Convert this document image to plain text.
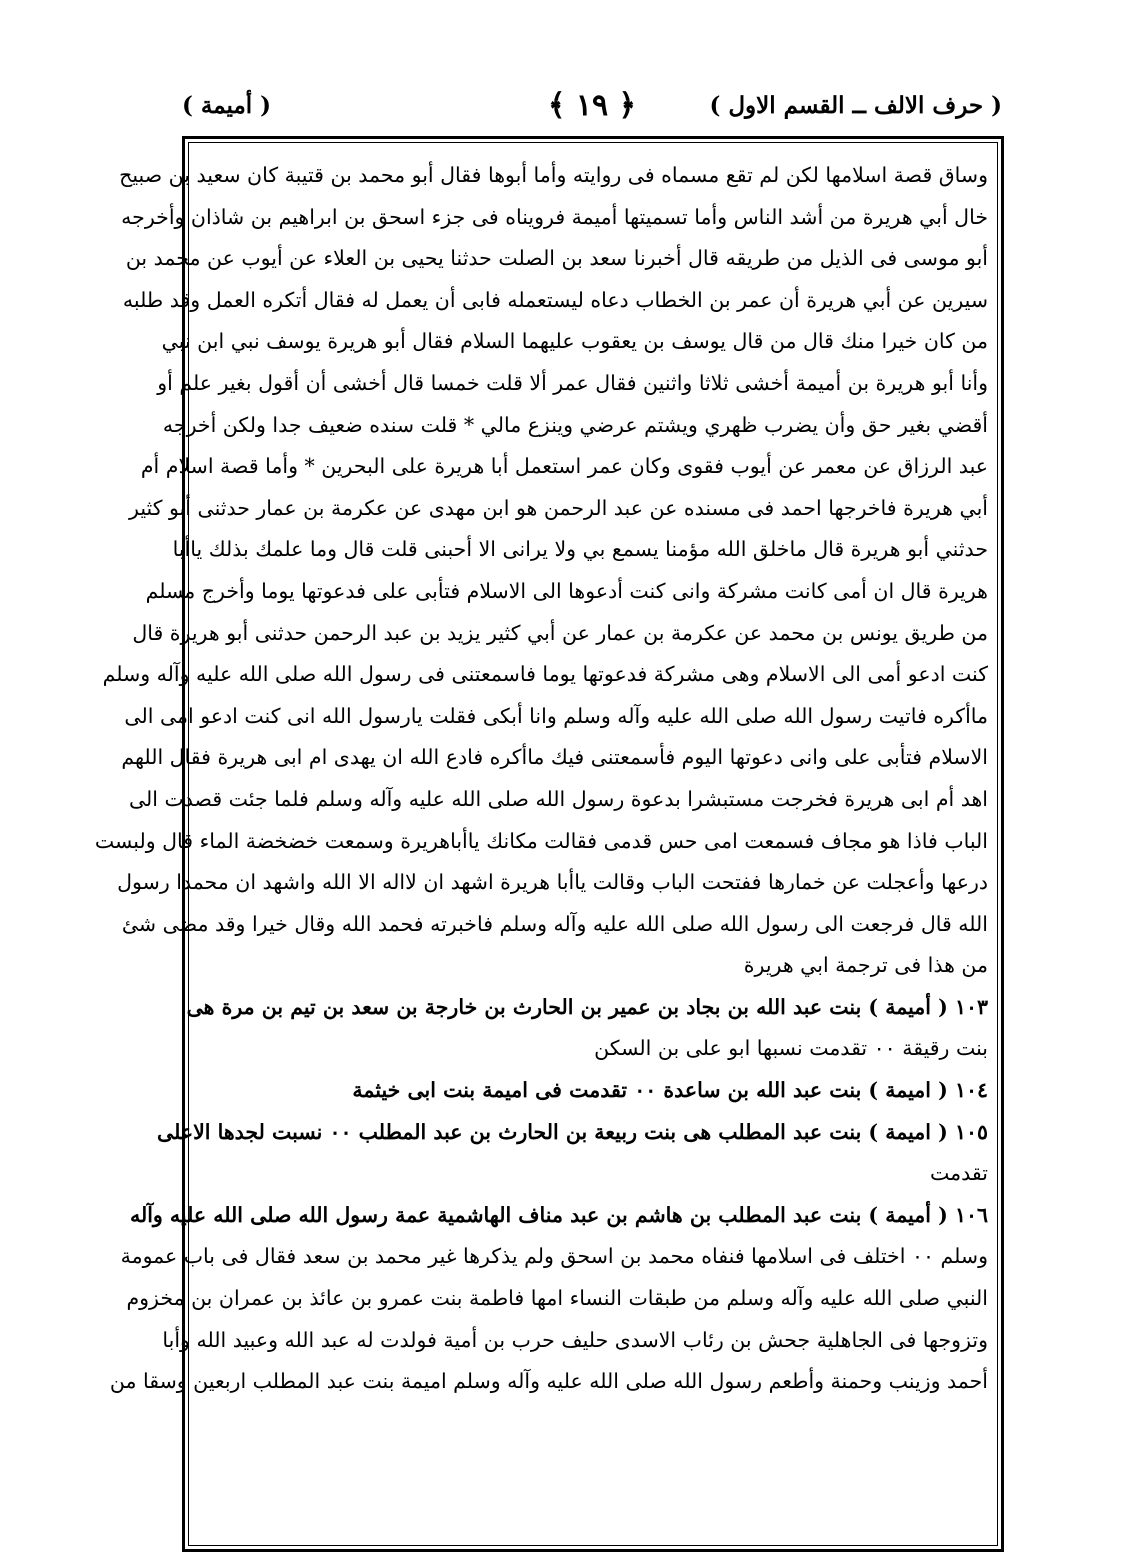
( حرف الالف ــ القسم الاول )
﴿ ١٩ ﴾
( أميمة )
وساق قصة اسلامها لكن لم تقع مسماه فى روايته وأما أبوها فقال أبو محمد بن قتيبة كان سعيد بن صبيح
خال أبي هريرة من أشد الناس وأما تسميتها أميمة فرويناه فى جزء اسحق بن ابراهيم بن شاذان وأخرجه
أبو موسى فى الذيل من طريقه قال أخبرنا سعد بن الصلت حدثنا يحيى بن العلاء عن أيوب عن محمد بن
سيرين عن أبي هريرة أن عمر بن الخطاب دعاه ليستعمله فابى أن يعمل له فقال أتكره العمل وقد طلبه
من كان خيرا منك قال من قال يوسف بن يعقوب عليهما السلام فقال أبو هريرة يوسف نبي ابن نبي
وأنا أبو هريرة بن أميمة أخشى ثلاثا واثنين فقال عمر ألا قلت خمسا قال أخشى أن أقول بغير علم أو
أقضي بغير حق وأن يضرب ظهري ويشتم عرضي وينزع مالي * قلت سنده ضعيف جدا ولكن أخرجه
عبد الرزاق عن معمر عن أيوب فقوى وكان عمر استعمل أبا هريرة على البحرين * وأما قصة اسلام أم
أبي هريرة فاخرجها احمد فى مسنده عن عبد الرحمن هو ابن مهدى عن عكرمة بن عمار حدثنى أبو كثير
حدثني أبو هريرة قال ماخلق الله مؤمنا يسمع بي ولا يرانى الا أحبنى قلت قال وما علمك بذلك ياأبا
هريرة قال ان أمى كانت مشركة وانى كنت أدعوها الى الاسلام فتأبى على فدعوتها يوما وأخرج مسلم
من طريق يونس بن محمد عن عكرمة بن عمار عن أبي كثير يزيد بن عبد الرحمن حدثنى أبو هريرة قال
كنت ادعو أمى الى الاسلام وهى مشركة فدعوتها يوما فاسمعتنى فى رسول الله صلى الله عليه وآله وسلم
ماأكره فاتيت رسول الله صلى الله عليه وآله وسلم وانا أبكى فقلت يارسول الله انى كنت ادعو امى الى
الاسلام فتأبى على وانى دعوتها اليوم فأسمعتنى فيك ماأكره فادع الله ان يهدى ام ابى هريرة فقال اللهم
اهد أم ابى هريرة فخرجت مستبشرا بدعوة رسول الله صلى الله عليه وآله وسلم فلما جئت قصدت الى
الباب فاذا هو مجاف فسمعت امى حس قدمى فقالت مكانك ياأباهريرة وسمعت خضخضة الماء قال ولبست
درعها وأعجلت عن خمارها ففتحت الباب وقالت ياأبا هريرة اشهد ان لااله الا الله واشهد ان محمدا رسول
الله قال فرجعت الى رسول الله صلى الله عليه وآله وسلم فاخبرته فحمد الله وقال خيرا وقد مضى شئ
من هذا فى ترجمة ابي هريرة
١٠٣ ( أميمة ) بنت عبد الله بن بجاد بن عمير بن الحارث بن خارجة بن سعد بن تيم بن مرة هى
بنت رقيقة ٠٠ تقدمت نسبها ابو على بن السكن
١٠٤ ( اميمة ) بنت عبد الله بن ساعدة ٠٠ تقدمت فى اميمة بنت ابى خيثمة
١٠٥ ( اميمة ) بنت عبد المطلب هى بنت ربيعة بن الحارث بن عبد المطلب ٠٠ نسبت لجدها الاعلى
تقدمت
١٠٦ ( أميمة ) بنت عبد المطلب بن هاشم بن عبد مناف الهاشمية عمة رسول الله صلى الله عليه وآله
وسلم ٠٠ اختلف فى اسلامها فنفاه محمد بن اسحق ولم يذكرها غير محمد بن سعد فقال فى باب عمومة
النبي صلى الله عليه وآله وسلم من طبقات النساء امها فاطمة بنت عمرو بن عائذ بن عمران بن مخزوم
وتزوجها فى الجاهلية جحش بن رئاب الاسدى حليف حرب بن أمية فولدت له عبد الله وعبيد الله وأبا
أحمد وزينب وحمنة وأطعم رسول الله صلى الله عليه وآله وسلم اميمة بنت عبد المطلب اربعين وسقا من
